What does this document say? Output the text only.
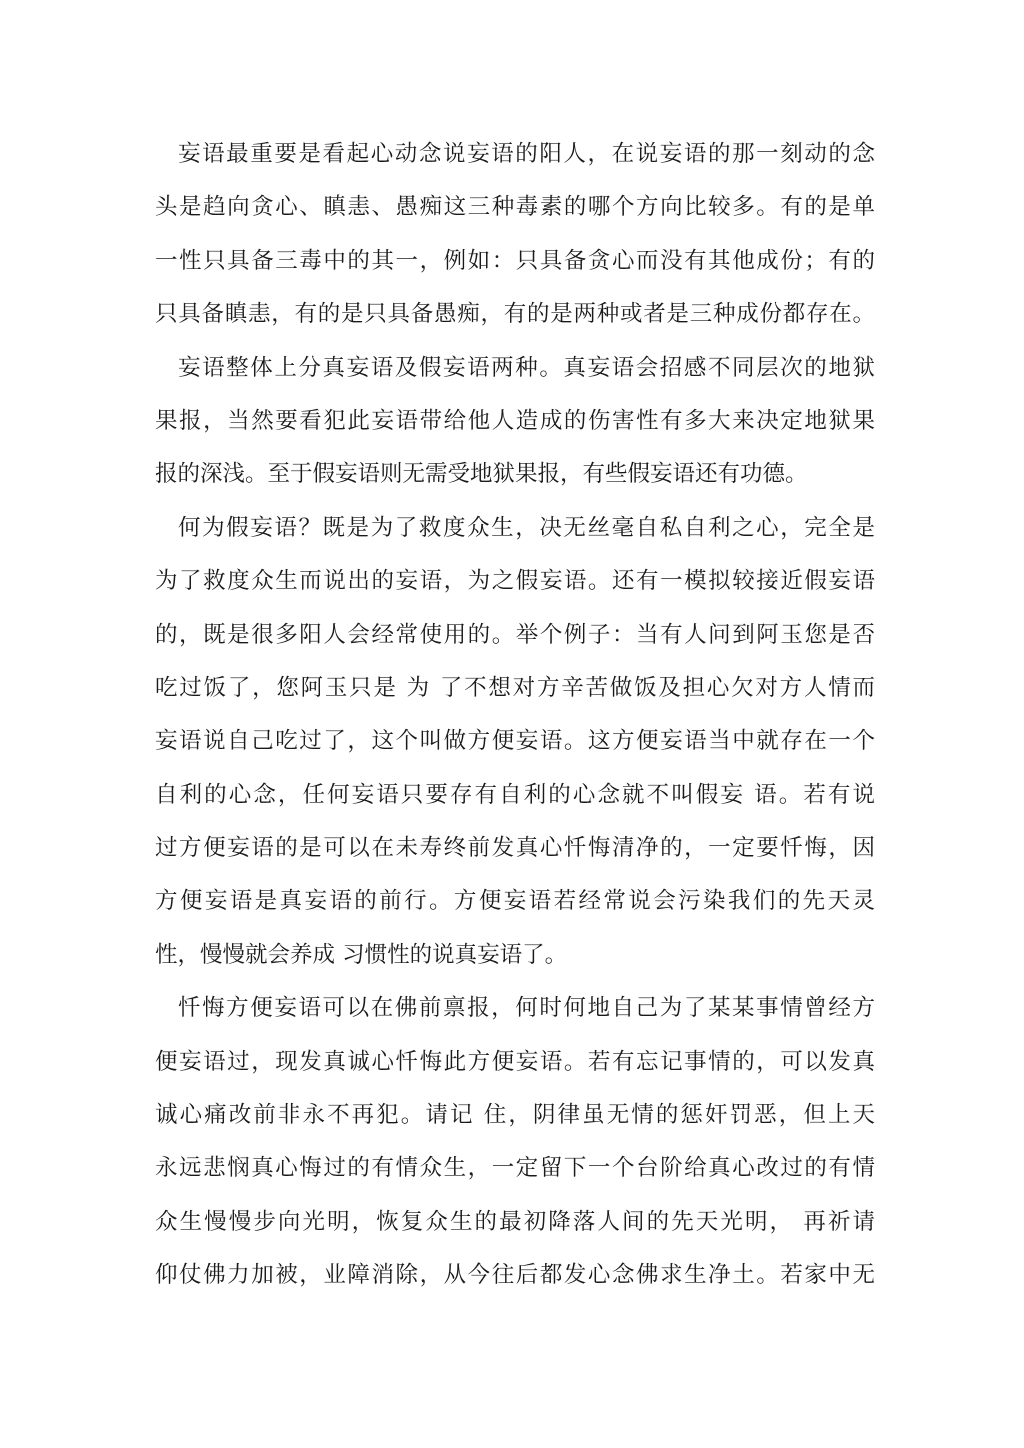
妄语最重要是看起心动念说妄语的阳人，在说妄语的那一刻动的念
头是趋向贪心、瞋恚、愚痴这三种毒素的哪个方向比较多。有的是单
一性只具备三毒中的其一，例如：只具备贪心而没有其他成份；有的
只具备瞋恚，有的是只具备愚痴，有的是两种或者是三种成份都存在。
妄语整体上分真妄语及假妄语两种。真妄语会招感不同层次的地狱
果报，当然要看犯此妄语带给他人造成的伤害性有多大来决定地狱果
报的深浅。至于假妄语则无需受地狱果报，有些假妄语还有功德。
何为假妄语？既是为了救度众生，决无丝毫自私自利之心，完全是
为了救度众生而说出的妄语，为之假妄语。还有一模拟较接近假妄语
的，既是很多阳人会经常使用的。举个例子：当有人问到阿玉您是否
吃过饭了，您阿玉只是 为 了不想对方辛苦做饭及担心欠对方人情而
妄语说自己吃过了，这个叫做方便妄语。这方便妄语当中就存在一个
自利的心念，任何妄语只要存有自利的心念就不叫假妄 语。若有说
过方便妄语的是可以在未寿终前发真心忏悔清净的，一定要忏悔，因
方便妄语是真妄语的前行。方便妄语若经常说会污染我们的先天灵
性，慢慢就会养成 习惯性的说真妄语了。
忏悔方便妄语可以在佛前禀报，何时何地自己为了某某事情曾经方
便妄语过，现发真诚心忏悔此方便妄语。若有忘记事情的，可以发真
诚心痛改前非永不再犯。请记 住，阴律虽无情的惩奸罚恶，但上天
永远悲悯真心悔过的有情众生，一定留下一个台阶给真心改过的有情
众生慢慢步向光明，恢复众生的最初降落人间的先天光明， 再祈请
仰仗佛力加被，业障消除，从今往后都发心念佛求生净土。若家中无
